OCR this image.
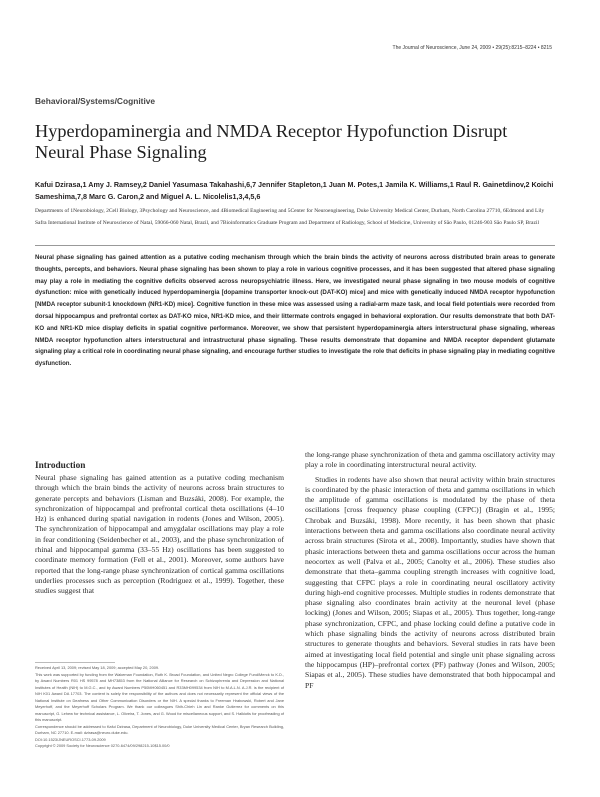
The Journal of Neuroscience, June 24, 2009 • 29(25):8215–8224 • 8215
Behavioral/Systems/Cognitive
Hyperdopaminergia and NMDA Receptor Hypofunction Disrupt Neural Phase Signaling
Kafui Dzirasa,1 Amy J. Ramsey,2 Daniel Yasumasa Takahashi,6,7 Jennifer Stapleton,1 Juan M. Potes,1 Jamila K. Williams,1 Raul R. Gainetdinov,2 Koichi Sameshima,7,8 Marc G. Caron,2 and Miguel A. L. Nicolelis1,3,4,5,6
Departments of 1Neurobiology, 2Cell Biology, 3Psychology and Neuroscience, and 4Biomedical Engineering and 5Center for Neuroengineering, Duke University Medical Center, Durham, North Carolina 27710, 6Edmond and Lily Safra International Institute of Neuroscience of Natal, 59066-060 Natal, Brazil, and 7Bioinformatics Graduate Program and Department of Radiology, School of Medicine, University of São Paulo, 01246-903 São Paulo SP, Brazil
Neural phase signaling has gained attention as a putative coding mechanism through which the brain binds the activity of neurons across distributed brain areas to generate thoughts, percepts, and behaviors. Neural phase signaling has been shown to play a role in various cognitive processes, and it has been suggested that altered phase signaling may play a role in mediating the cognitive deficits observed across neuropsychiatric illness. Here, we investigated neural phase signaling in two mouse models of cognitive dysfunction: mice with genetically induced hyperdopaminergia [dopamine transporter knock-out (DAT-KO) mice] and mice with genetically induced NMDA receptor hypofunction [NMDA receptor subunit-1 knockdown (NR1-KD) mice]. Cognitive function in these mice was assessed using a radial-arm maze task, and local field potentials were recorded from dorsal hippocampus and prefrontal cortex as DAT-KO mice, NR1-KD mice, and their littermate controls engaged in behavioral exploration. Our results demonstrate that both DAT-KO and NR1-KD mice display deficits in spatial cognitive performance. Moreover, we show that persistent hyperdopaminergia alters interstructural phase signaling, whereas NMDA receptor hypofunction alters interstructural and intrastructural phase signaling. These results demonstrate that dopamine and NMDA receptor dependent glutamate signaling play a critical role in coordinating neural phase signaling, and encourage further studies to investigate the role that deficits in phase signaling play in mediating cognitive dysfunction.
Introduction

Neural phase signaling has gained attention as a putative coding mechanism through which the brain binds the activity of neurons across brain structures to generate percepts and behaviors (Lisman and Buzsáki, 2008). For example, the synchronization of hippocampal and prefrontal cortical theta oscillations (4–10 Hz) is enhanced during spatial navigation in rodents (Jones and Wilson, 2005). The synchronization of hippocampal and amygdalar oscillations may play a role in fear conditioning (Seidenbecher et al., 2003), and the phase synchronization of rhinal and hippocampal gamma (33–55 Hz) oscillations has been suggested to coordinate memory formation (Fell et al., 2001). Moreover, some authors have reported that the long-range phase synchronization of cortical gamma oscillations underlies processes such as perception (Rodriguez et al., 1999). Together, these studies suggest that

the long-range phase synchronization of theta and gamma oscillatory activity may play a role in coordinating interstructural neural activity.

Studies in rodents have also shown that neural activity within brain structures is coordinated by the phasic interaction of theta and gamma oscillations in which the amplitude of gamma oscillations is modulated by the phase of theta oscillations [cross frequency phase coupling (CFPC)] (Bragin et al., 1995; Chrobak and Buzsáki, 1998). More recently, it has been shown that phasic interactions between theta and gamma oscillations also coordinate neural activity across brain structures (Sirota et al., 2008). Importantly, studies have shown that phasic interactions between theta and gamma oscillations occur across the human neocortex as well (Palva et al., 2005; Canolty et al., 2006). These studies also demonstrate that theta–gamma coupling strength increases with cognitive load, suggesting that CFPC plays a role in coordinating neural oscillatory activity during high-end cognitive processes. Multiple studies in rodents demonstrate that phase signaling also coordinates brain activity at the neuronal level (phase locking) (Jones and Wilson, 2005; Siapas et al., 2005). Thus together, long-range phase synchronization, CFPC, and phase locking could define a putative code in which phase signaling binds the activity of neurons across distributed brain structures to generate thoughts and behaviors. Several studies in rats have been aimed at investigating local field potential and single unit phase signaling across the hippocampus (HP)–prefrontal cortex (PF) pathway (Jones and Wilson, 2005; Siapas et al., 2005). These studies have demonstrated that both hippocampal and PF

Received April 13, 2009; revised May 18, 2009; accepted May 20, 2009.

This work was supported by funding from the Wakeman Foundation, Ruth K. Broad Foundation, and United Negro College Fund/Merck to K.D., by Award Numbers R01 HS 99578 and MH73853 from the National Alliance for Research on Schizophrenia and Depression and National Institutes of Health (NIH) to M.G.C., and by Award Numbers P50MH060451 and R33MH099534 from NIH to M.A.L.N. A.J.R. is the recipient of NIH K01 Award DA 17703. The content is solely the responsibility of the authors and does not necessarily represent the official views of the National Institute on Deafness and Other Communication Disorders or the NIH. A special thanks to Freeman Hrabowski, Robert and Jane Meyerhoff, and the Meyerhoff Scholars Program. We thank our colleagues Shih-Chieh Lin and Ranke Gutierrez for comments on this manuscript, G. Lehew for technical assistance, L. Oliveira, T. Jones, and G. Wood for miscellaneous support, and S. Halkiotis for proofreading of this manuscript.

Correspondence should be addressed to Kafui Dzirasa, Department of Neurobiology, Duke University Medical Center, Bryan Research Building, Durham, NC 27710. E-mail: dzirasa@neuro.duke.edu.

DOI:10.1523/JNEUROSCI.1773-09.2009

Copyright © 2009 Society for Neuroscience 0270-6474/09/298215-10$15.00/0
